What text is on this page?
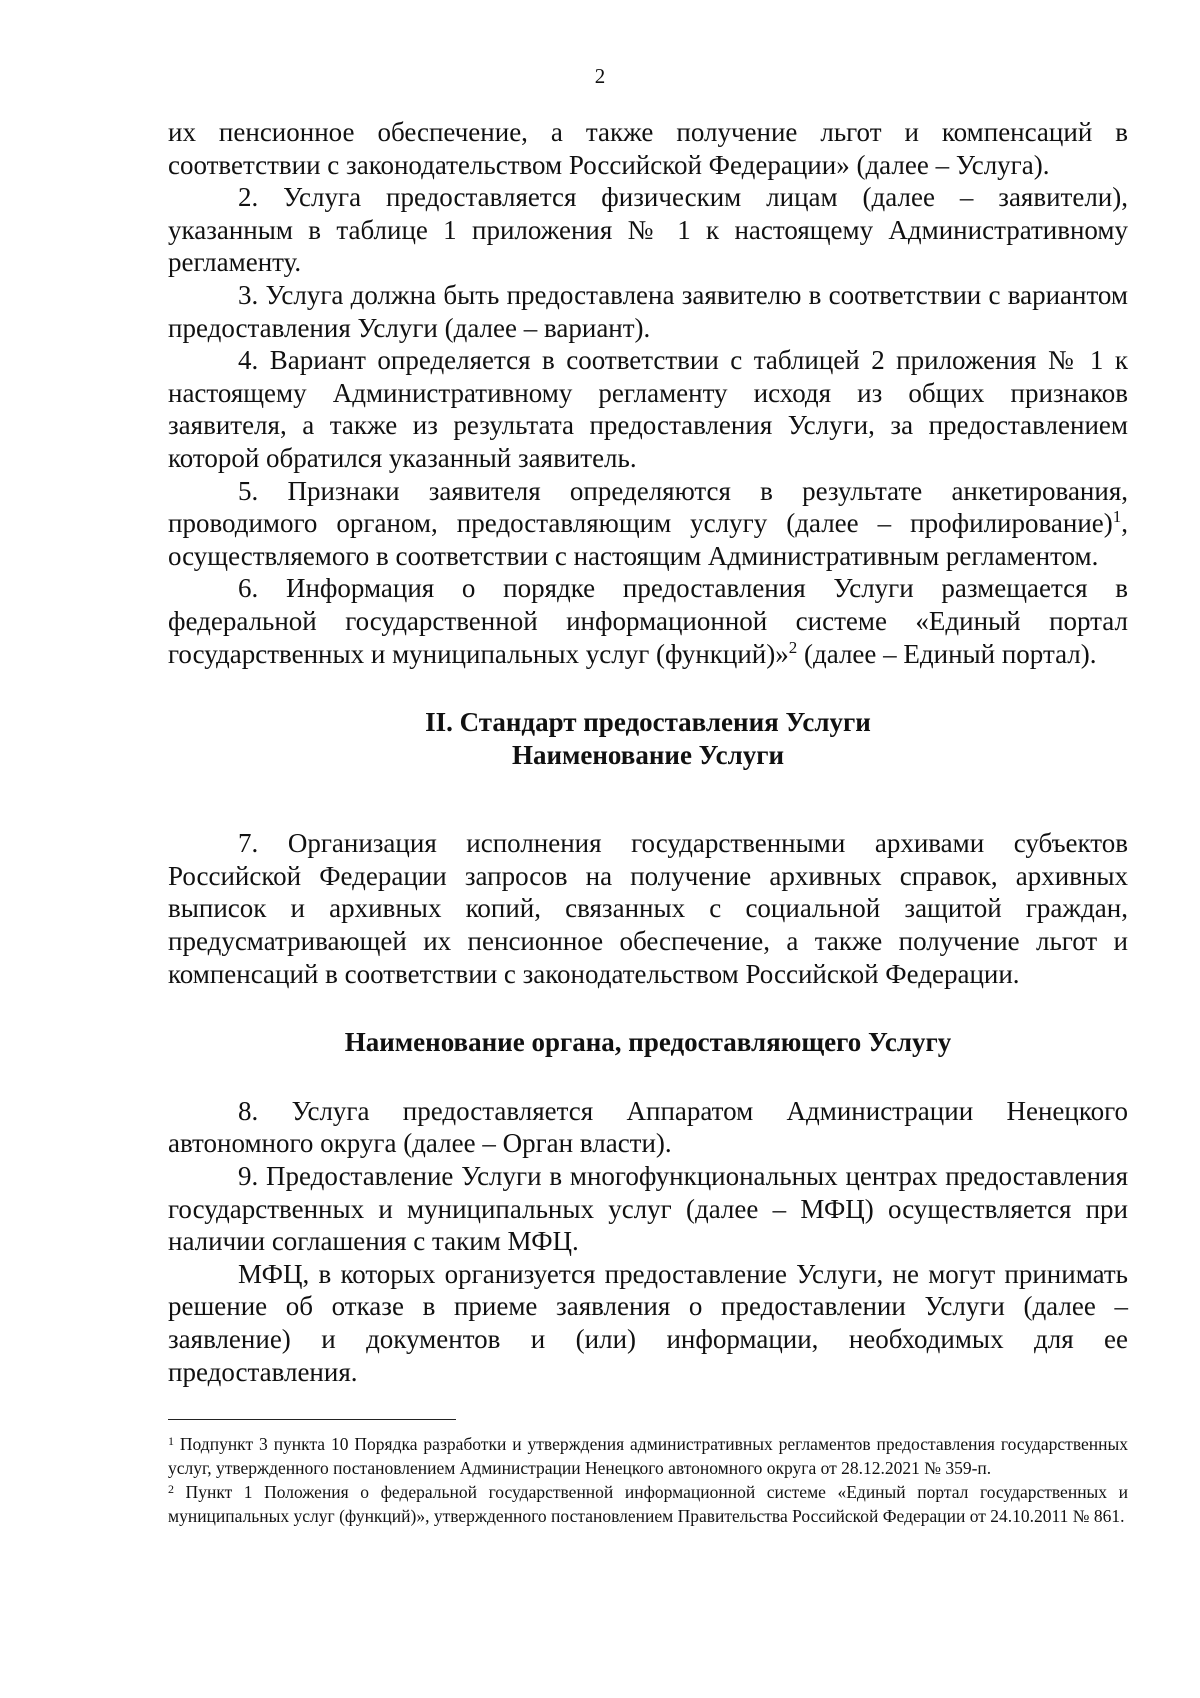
2

их пенсионное обеспечение, а также получение льгот и компенсаций в соответствии с законодательством Российской Федерации» (далее – Услуга).

2. Услуга предоставляется физическим лицам (далее – заявители), указанным в таблице 1 приложения № 1 к настоящему Административному регламенту.

3. Услуга должна быть предоставлена заявителю в соответствии с вариантом предоставления Услуги (далее – вариант).

4. Вариант определяется в соответствии с таблицей 2 приложения № 1 к настоящему Административному регламенту исходя из общих признаков заявителя, а также из результата предоставления Услуги, за предоставлением которой обратился указанный заявитель.

5. Признаки заявителя определяются в результате анкетирования, проводимого органом, предоставляющим услугу (далее – профилирование)$^1$, осуществляемого в соответствии с настоящим Административным регламентом.

6. Информация о порядке предоставления Услуги размещается в федеральной государственной информационной системе «Единый портал государственных и муниципальных услуг (функций)»$^2$ (далее – Единый портал).

II. Стандарт предоставления Услуги
Наименование Услуги

7. Организация исполнения государственными архивами субъектов Российской Федерации запросов на получение архивных справок, архивных выписок и архивных копий, связанных с социальной защитой граждан, предусматривающей их пенсионное обеспечение, а также получение льгот и компенсаций в соответствии с законодательством Российской Федерации.

Наименование органа, предоставляющего Услугу

8. Услуга предоставляется Аппаратом Администрации Ненецкого автономного округа (далее – Орган власти).

9. Предоставление Услуги в многофункциональных центрах предоставления государственных и муниципальных услуг (далее – МФЦ) осуществляется при наличии соглашения с таким МФЦ.

МФЦ, в которых организуется предоставление Услуги, не могут принимать решение об отказе в приеме заявления о предоставлении Услуги (далее – заявление) и документов и (или) информации, необходимых для ее предоставления.

$^1$ Подпункт 3 пункта 10 Порядка разработки и утверждения административных регламентов предоставления государственных услуг, утвержденного постановлением Администрации Ненецкого автономного округа от 28.12.2021 № 359-п.

$^2$ Пункт 1 Положения о федеральной государственной информационной системе «Единый портал государственных и муниципальных услуг (функций)», утвержденного постановлением Правительства Российской Федерации от 24.10.2011 № 861.
